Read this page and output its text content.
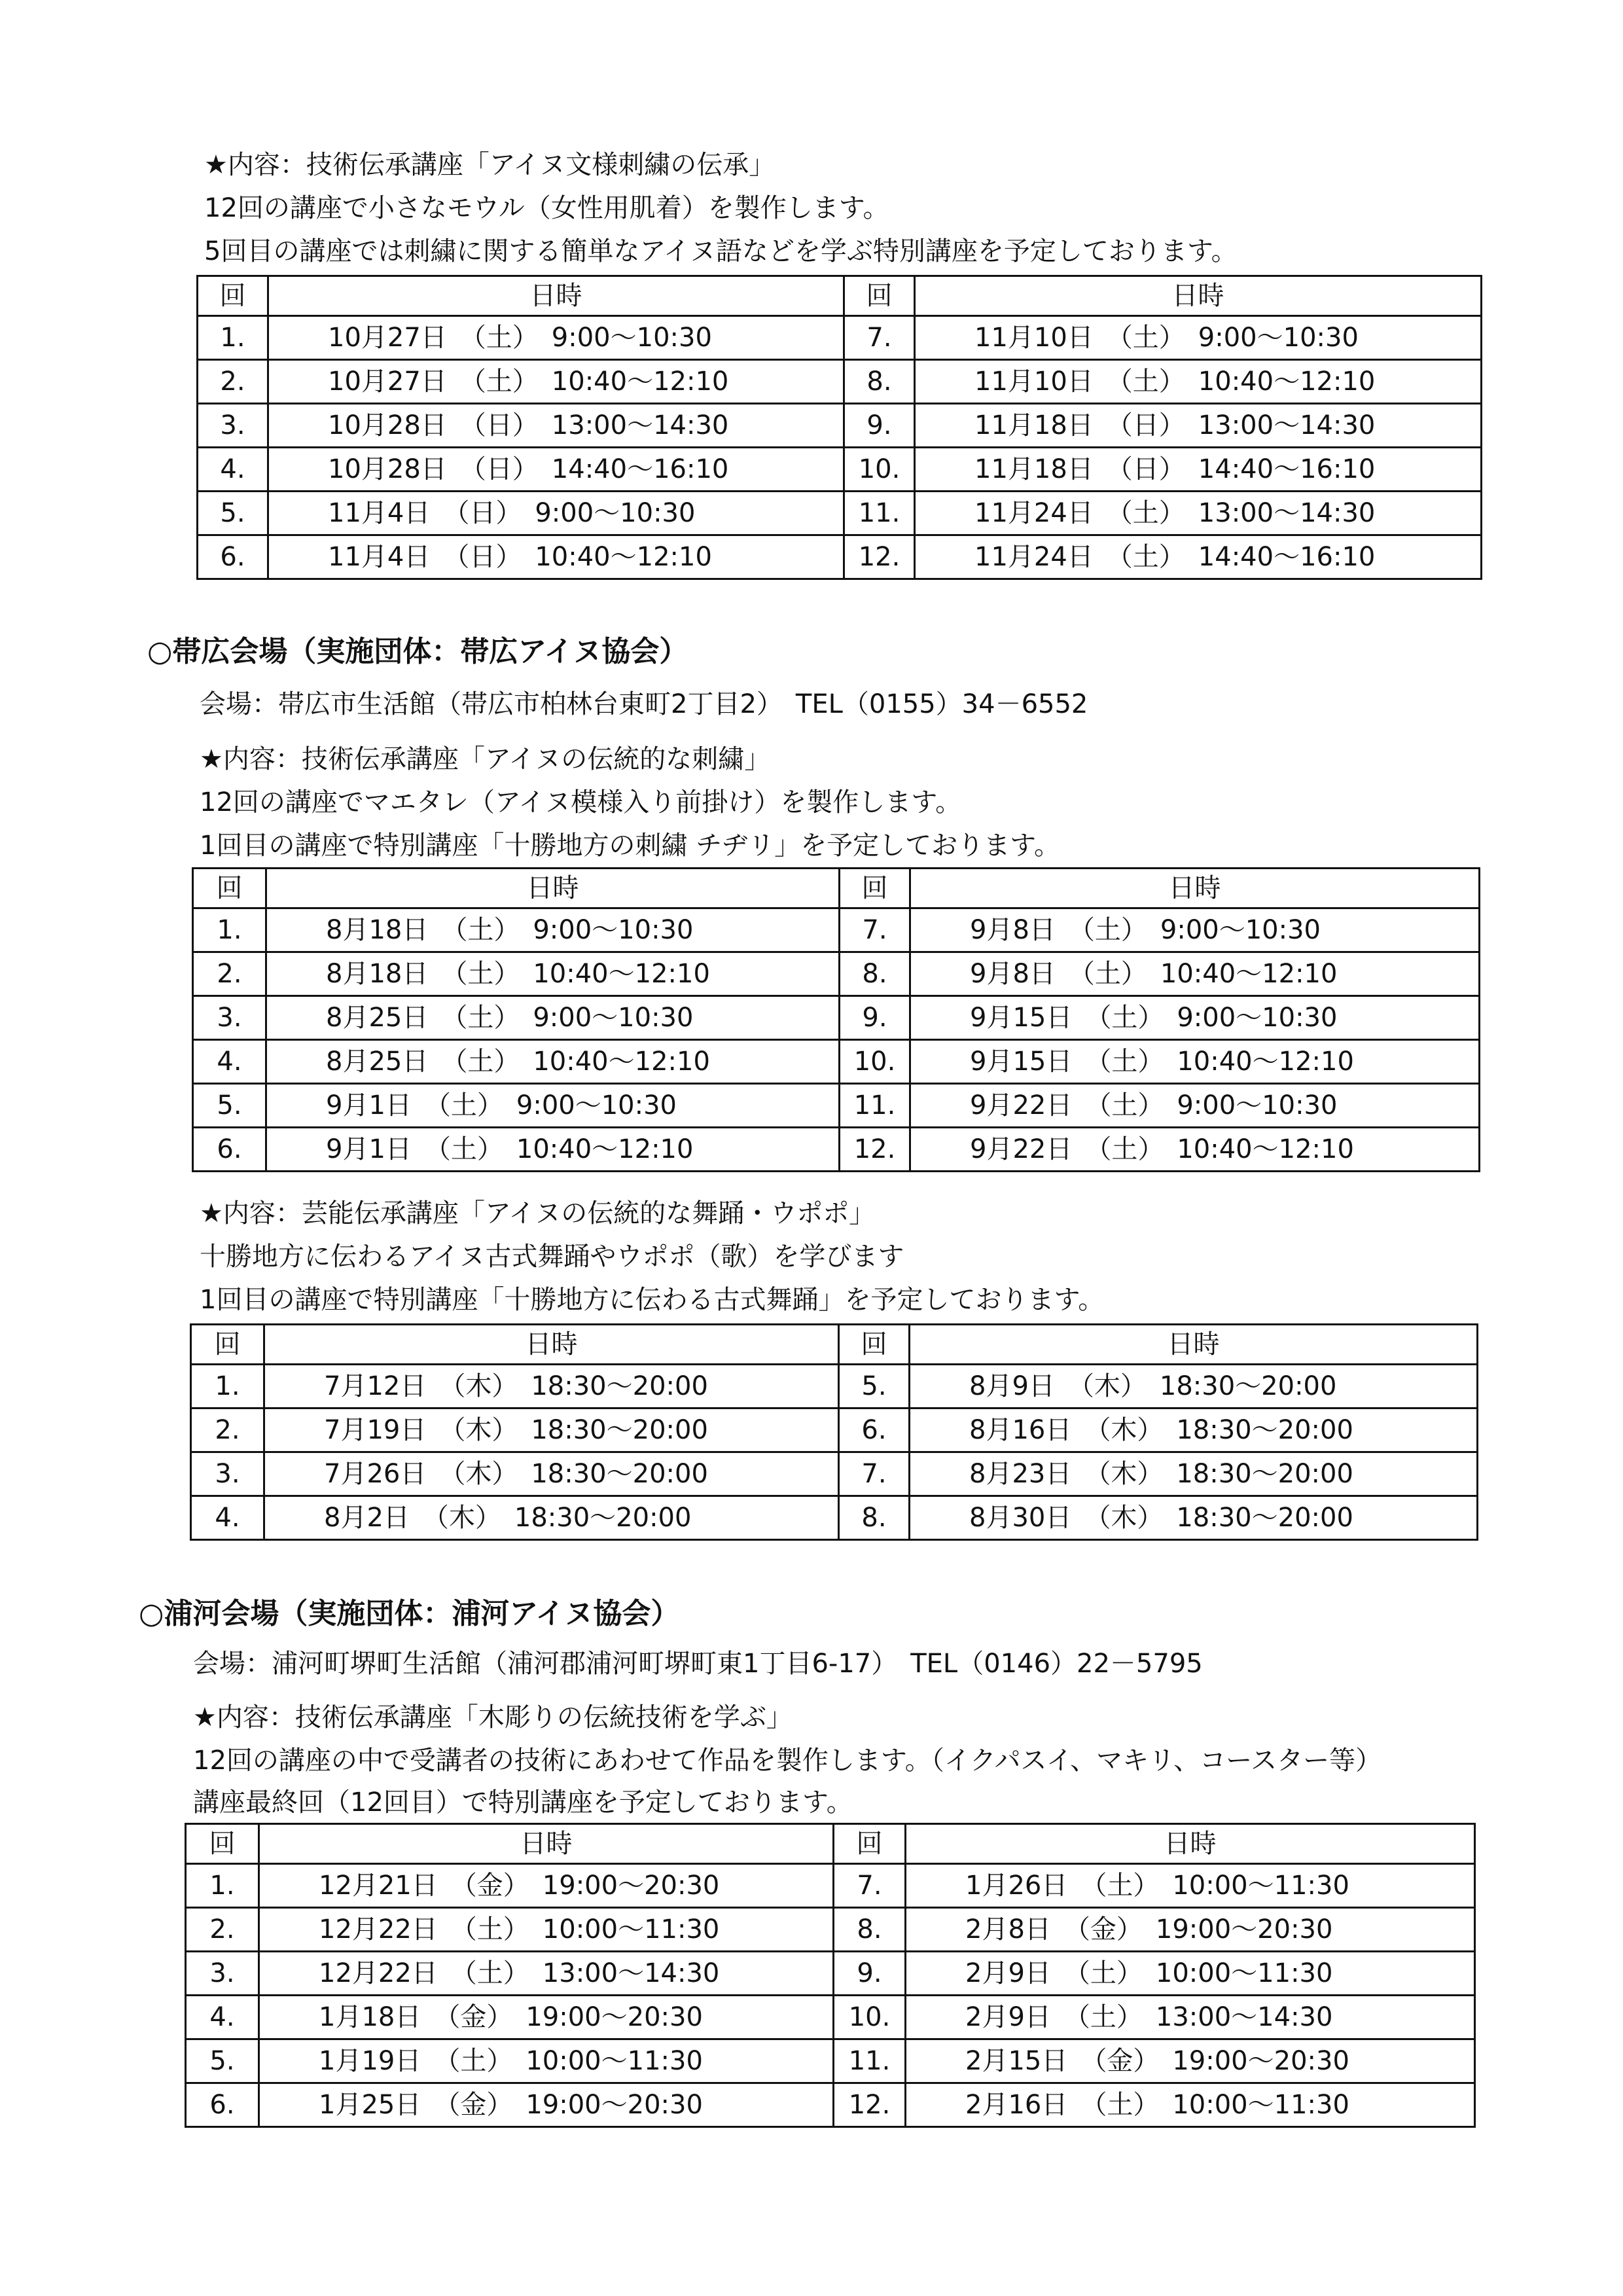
★内容：技術伝承講座「アイヌ文様刺繍の伝承」
12回の講座で小さなモウル（女性用肌着）を製作します。
5回目の講座では刺繍に関する簡単なアイヌ語などを学ぶ特別講座を予定しております。
回	日時	回	日時
1.	10月27日　（土）　9:00～10:30	7.	11月10日　（土）　9:00～10:30
2.	10月27日　（土）　10:40～12:10	8.	11月10日　（土）　10:40～12:10
3.	10月28日　（日）　13:00～14:30	9.	11月18日　（日）　13:00～14:30
4.	10月28日　（日）　14:40～16:10	10.	11月18日　（日）　14:40～16:10
5.	11月4日　（日）　9:00～10:30	11.	11月24日　（土）　13:00～14:30
6.	11月4日　（日）　10:40～12:10	12.	11月24日　（土）　14:40～16:10
○帯広会場（実施団体：帯広アイヌ協会）
会場：帯広市生活館（帯広市柏林台東町2丁目2）　TEL（0155）34－6552
★内容：技術伝承講座「アイヌの伝統的な刺繍」
12回の講座でマエタレ（アイヌ模様入り前掛け）を製作します。
1回目の講座で特別講座「十勝地方の刺繍 チヂリ」を予定しております。
回	日時	回	日時
1.	8月18日　（土）　9:00～10:30	7.	9月8日　（土）　9:00～10:30
2.	8月18日　（土）　10:40～12:10	8.	9月8日　（土）　10:40～12:10
3.	8月25日　（土）　9:00～10:30	9.	9月15日　（土）　9:00～10:30
4.	8月25日　（土）　10:40～12:10	10.	9月15日　（土）　10:40～12:10
5.	9月1日　（土）　9:00～10:30	11.	9月22日　（土）　9:00～10:30
6.	9月1日　（土）　10:40～12:10	12.	9月22日　（土）　10:40～12:10
★内容：芸能伝承講座「アイヌの伝統的な舞踊・ウポポ」
十勝地方に伝わるアイヌ古式舞踊やウポポ（歌）を学びます
1回目の講座で特別講座「十勝地方に伝わる古式舞踊」を予定しております。
回	日時	回	日時
1.	7月12日　（木）　18:30～20:00	5.	8月9日　（木）　18:30～20:00
2.	7月19日　（木）　18:30～20:00	6.	8月16日　（木）　18:30～20:00
3.	7月26日　（木）　18:30～20:00	7.	8月23日　（木）　18:30～20:00
4.	8月2日　（木）　18:30～20:00	8.	8月30日　（木）　18:30～20:00
○浦河会場（実施団体：浦河アイヌ協会）
会場：浦河町堺町生活館（浦河郡浦河町堺町東1丁目6-17）　TEL（0146）22－5795
★内容：技術伝承講座「木彫りの伝統技術を学ぶ」
12回の講座の中で受講者の技術にあわせて作品を製作します。（イクパスイ、マキリ、コースター等）
講座最終回（12回目）で特別講座を予定しております。
回	日時	回	日時
1.	12月21日　（金）　19:00～20:30	7.	1月26日　（土）　10:00～11:30
2.	12月22日　（土）　10:00～11:30	8.	2月8日　（金）　19:00～20:30
3.	12月22日　（土）　13:00～14:30	9.	2月9日　（土）　10:00～11:30
4.	1月18日　（金）　19:00～20:30	10.	2月9日　（土）　13:00～14:30
5.	1月19日　（土）　10:00～11:30	11.	2月15日　（金）　19:00～20:30
6.	1月25日　（金）　19:00～20:30	12.	2月16日　（土）　10:00～11:30
